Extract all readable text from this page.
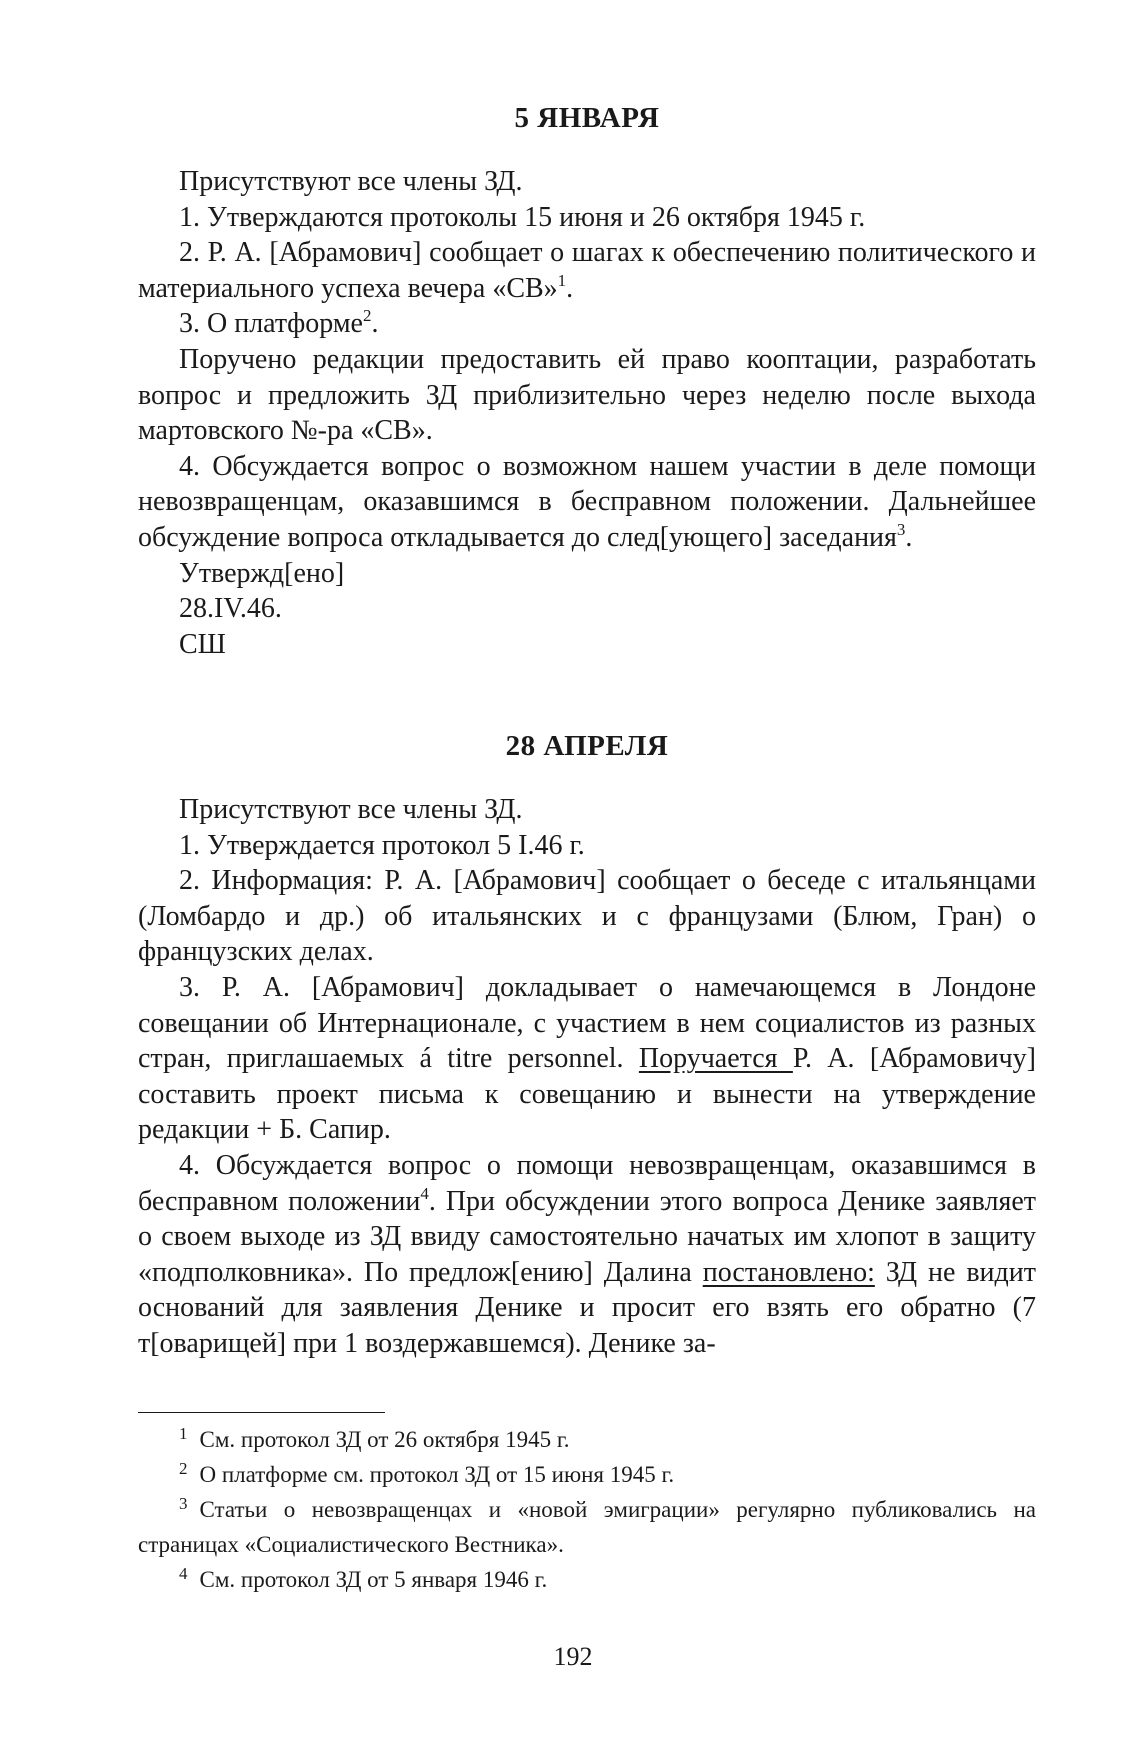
5 ЯНВАРЯ

Присутствуют все члены ЗД.

1. Утверждаются протоколы 15 июня и 26 октября 1945 г.

2. Р. А. [Абрамович] сообщает о шагах к обеспечению политического и материального успеха вечера «СВ»$^1$.

3. О платформе$^2$.

Поручено редакции предоставить ей право кооптации, разработать вопрос и предложить ЗД приблизительно через неделю после выхода мартовского №-ра «СВ».

4. Обсуждается вопрос о возможном нашем участии в деле помощи невозвращенцам, оказавшимся в бесправном положении. Дальнейшее обсуждение вопроса откладывается до след[ующего] заседания$^3$.

Утвержд[ено]

28.IV.46.

СШ

28 АПРЕЛЯ

Присутствуют все члены ЗД.

1. Утверждается протокол 5 I.46 г.

2. Информация: Р. А. [Абрамович] сообщает о беседе с итальянцами (Ломбардо и др.) об итальянских и с французами (Блюм, Гран) о французских делах.

3. Р. А. [Абрамович] докладывает о намечающемся в Лондоне совещании об Интернационале, с участием в нем социалистов из разных стран, приглашаемых á titre personnel. Поручается Р. А. [Абрамовичу] составить проект письма к совещанию и вынести на утверждение редакции + Б. Сапир.

4. Обсуждается вопрос о помощи невозвращенцам, оказавшимся в бесправном положении$^4$. При обсуждении этого вопроса Денике заявляет о своем выходе из ЗД ввиду самостоятельно начатых им хлопот в защиту «подполковника». По предлож[ению] Далина постановлено: ЗД не видит оснований для заявления Денике и просит его взять его обратно (7 т[оварищей] при 1 воздержавшемся). Денике за-

$^1$ См. протокол ЗД от 26 октября 1945 г.

$^2$ О платформе см. протокол ЗД от 15 июня 1945 г.

$^3$ Статьи о невозвращенцах и «новой эмиграции» регулярно публиковались на страницах «Социалистического Вестника».

$^4$ См. протокол ЗД от 5 января 1946 г.

192
